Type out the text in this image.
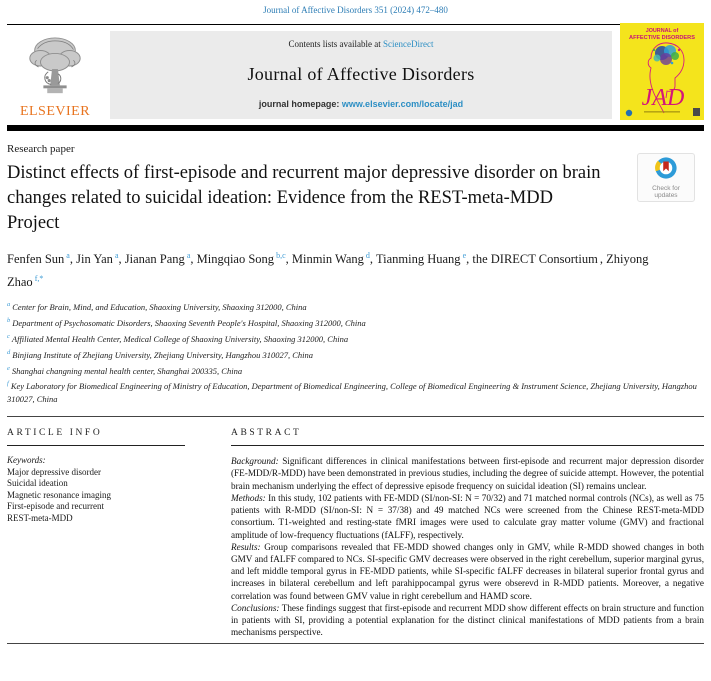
Journal of Affective Disorders 351 (2024) 472–480
ELSEVIER
Contents lists available at ScienceDirect
Journal of Affective Disorders
journal homepage: www.elsevier.com/locate/jad
JOURNAL of
AFFECTIVE DISORDERS
JAD
Research paper
Distinct effects of first-episode and recurrent major depressive disorder on brain changes related to suicidal ideation: Evidence from the REST-meta-MDD Project
Check for
updates
Fenfen Sun $^a$, Jin Yan $^a$, Jianan Pang $^a$, Mingqiao Song $^{b,c}$, Minmin Wang $^d$, Tianming Huang $^e$, the DIRECT Consortium , Zhiyong Zhao $^{f,*}$
$^a$ Center for Brain, Mind, and Education, Shaoxing University, Shaoxing 312000, China
$^b$ Department of Psychosomatic Disorders, Shaoxing Seventh People's Hospital, Shaoxing 312000, China
$^c$ Affiliated Mental Health Center, Medical College of Shaoxing University, Shaoxing 312000, China
$^d$ Binjiang Institute of Zhejiang University, Zhejiang University, Hangzhou 310027, China
$^e$ Shanghai changning mental health center, Shanghai 200335, China
$^f$ Key Laboratory for Biomedical Engineering of Ministry of Education, Department of Biomedical Engineering, College of Biomedical Engineering & Instrument Science, Zhejiang University, Hangzhou 310027, China
ARTICLE INFO
Keywords:
Major depressive disorder
Suicidal ideation
Magnetic resonance imaging
First-episode and recurrent
REST-meta-MDD
ABSTRACT
Background: Significant differences in clinical manifestations between first-episode and recurrent major depression disorder (FE-MDD/R-MDD) have been demonstrated in previous studies, including the degree of suicide attempt. However, the potential brain mechanism underlying the effect of depressive episode frequency on suicidal ideation (SI) remains unclear.
Methods: In this study, 102 patients with FE-MDD (SI/non-SI: N = 70/32) and 71 matched normal controls (NCs), as well as 75 patients with R-MDD (SI/non-SI: N = 37/38) and 49 matched NCs were screened from the Chinese REST-meta-MDD consortium. T1-weighted and resting-state fMRI images were used to calculate gray matter volume (GMV) and fractional amplitude of low-frequency fluctuations (fALFF), respectively.
Results: Group comparisons revealed that FE-MDD showed changes only in GMV, while R-MDD showed changes in both GMV and fALFF compared to NCs. SI-specific GMV decreases were observed in the right cerebellum, superior marginal gyrus, and left middle temporal gyrus in FE-MDD patients, while SI-specific fALFF decreases in bilateral superior frontal gyrus and increases in bilateral cerebellum and left parahippocampal gyrus were obserevd in R-MDD patients. Moreover, a negative correlation was found between GMV value in right cerebellum and HAMD score.
Conclusions: These findings suggest that first-episode and recurrent MDD show different effects on brain structure and function in patients with SI, providing a potential explanation for the distinct clinical manifestations of MDD patients from a brain mechanisms perspective.
